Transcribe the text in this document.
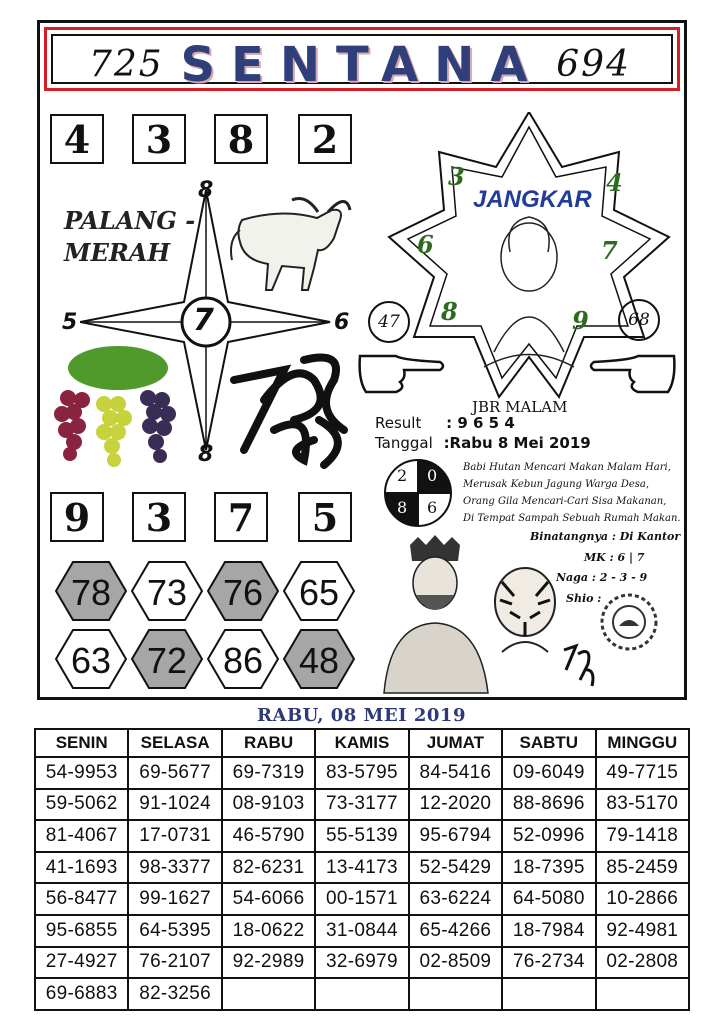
725 SENTANA 694
4	3	8	2
PALANG -
MERAH
8
5	7	6
8
JANGKAR
3	4
6	7
8	9
47	68
JBR MALAM
Result : 9 6 5 4
Tanggal :Rabu 8 Mei 2019
2 0
8 6
Babi Hutan Mencari Makan Malam Hari,
Merusak Kebun Jagung Warga Desa,
Orang Gila Mencari-Cari Sisa Makanan,
Di Tempat Sampah Sebuah Rumah Makan.
Binatangnya : Di Kantor
MK : 6 | 7
Naga : 2 - 3 - 9
Shio :
9	3	7	5
78 73 76 65
63 72 86 48
RABU, 08 MEI 2019
SENIN	SELASA	RABU	KAMIS	JUMAT	SABTU	MINGGU
54-9953	69-5677	69-7319	83-5795	84-5416	09-6049	49-7715
59-5062	91-1024	08-9103	73-3177	12-2020	88-8696	83-5170
81-4067	17-0731	46-5790	55-5139	95-6794	52-0996	79-1418
41-1693	98-3377	82-6231	13-4173	52-5429	18-7395	85-2459
56-8477	99-1627	54-6066	00-1571	63-6224	64-5080	10-2866
95-6855	64-5395	18-0622	31-0844	65-4266	18-7984	92-4981
27-4927	76-2107	92-2989	32-6979	02-8509	76-2734	02-2808
69-6883	82-3256					
